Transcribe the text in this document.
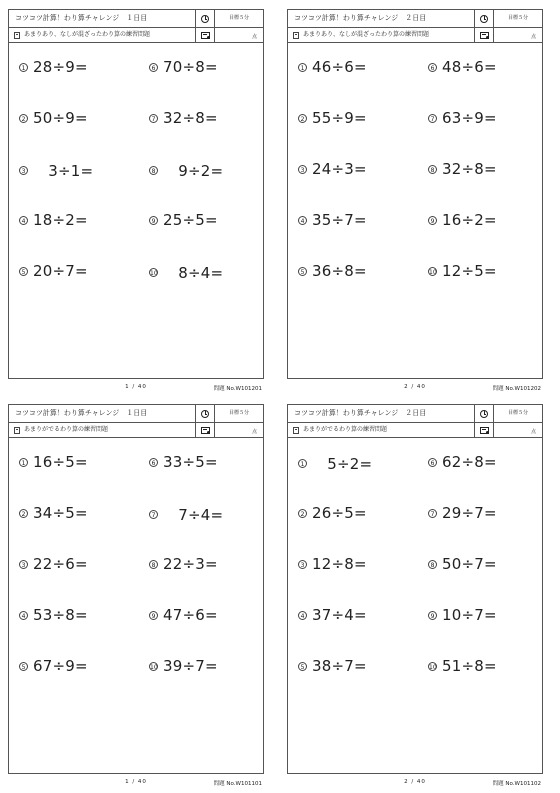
コツコツ計算！わり算チャレンジ　１日目
あまりあり、なしが混ざったわり算の練習問題
目標５分
点
1 28÷9=
2 50÷9=
3 　3÷1=
4 18÷2=
5 20÷7=
6 70÷8=
7 32÷8=
8 　9÷2=
9 25÷5=
10 　8÷4=
1 / 40	問題 No.W101201
コツコツ計算！わり算チャレンジ　２日目
あまりあり、なしが混ざったわり算の練習問題
目標５分
点
1 46÷6=
2 55÷9=
3 24÷3=
4 35÷7=
5 36÷8=
6 48÷6=
7 63÷9=
8 32÷8=
9 16÷2=
10 12÷5=
2 / 40	問題 No.W101202
コツコツ計算！わり算チャレンジ　１日目
あまりがでるわり算の練習問題
目標５分
点
1 16÷5=
2 34÷5=
3 22÷6=
4 53÷8=
5 67÷9=
6 33÷5=
7 　7÷4=
8 22÷3=
9 47÷6=
10 39÷7=
1 / 40	問題 No.W101101
コツコツ計算！わり算チャレンジ　２日目
あまりがでるわり算の練習問題
目標５分
点
1 　5÷2=
2 26÷5=
3 12÷8=
4 37÷4=
5 38÷7=
6 62÷8=
7 29÷7=
8 50÷7=
9 10÷7=
10 51÷8=
2 / 40	問題 No.W101102
